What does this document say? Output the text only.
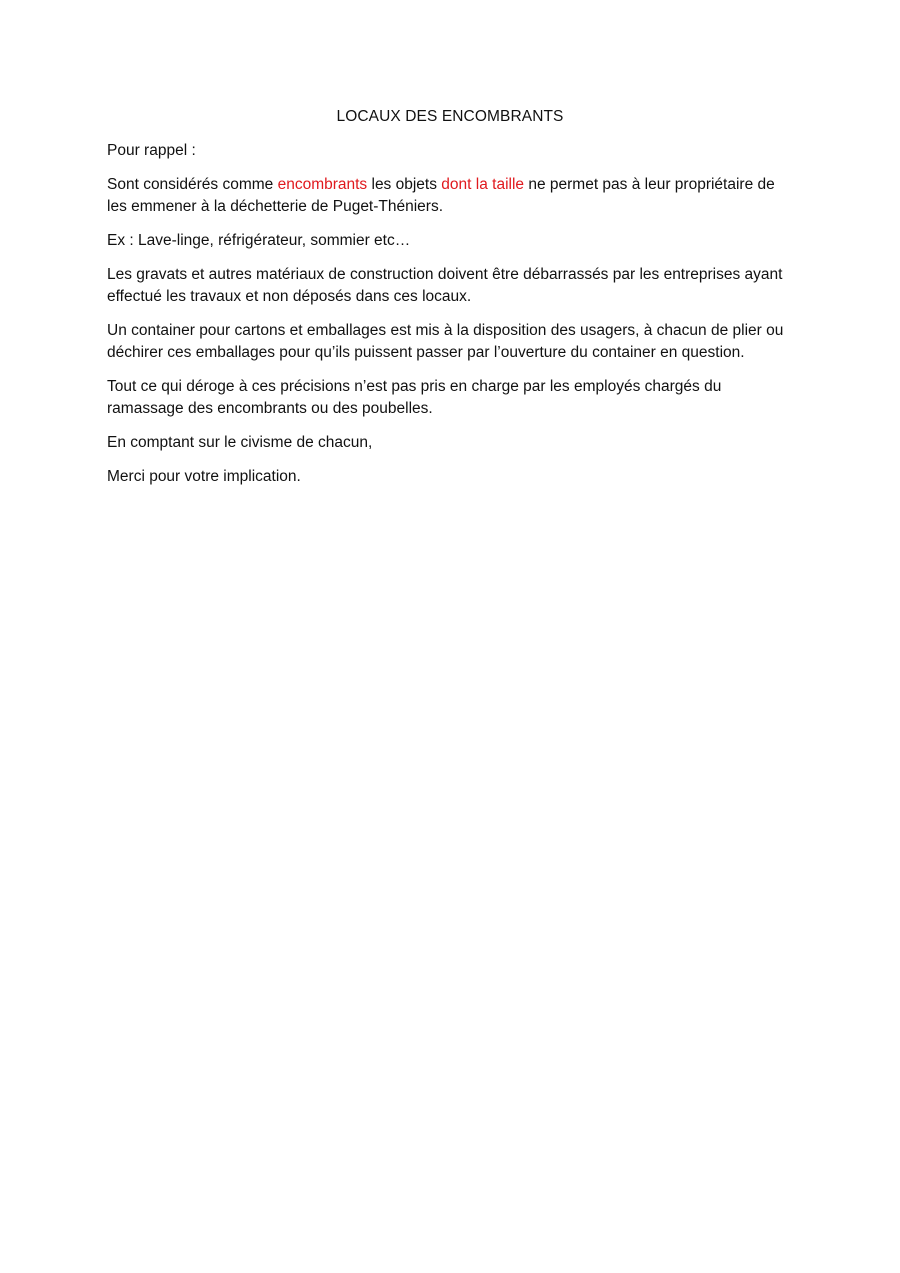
LOCAUX DES ENCOMBRANTS

Pour rappel :

Sont considérés comme encombrants les objets dont la taille ne permet pas à leur propriétaire de les emmener à la déchetterie de Puget-Théniers.

Ex : Lave-linge, réfrigérateur, sommier etc…

Les gravats et autres matériaux de construction doivent être débarrassés par les entreprises ayant effectué les travaux et non déposés dans ces locaux.

Un container pour cartons et emballages est mis à la disposition des usagers, à chacun de plier ou déchirer ces emballages pour qu’ils puissent passer par l’ouverture du container en question.

Tout ce qui déroge à ces précisions n’est pas pris en charge par les employés chargés du ramassage des encombrants ou des poubelles.

En comptant sur le civisme de chacun,

Merci pour votre implication.
